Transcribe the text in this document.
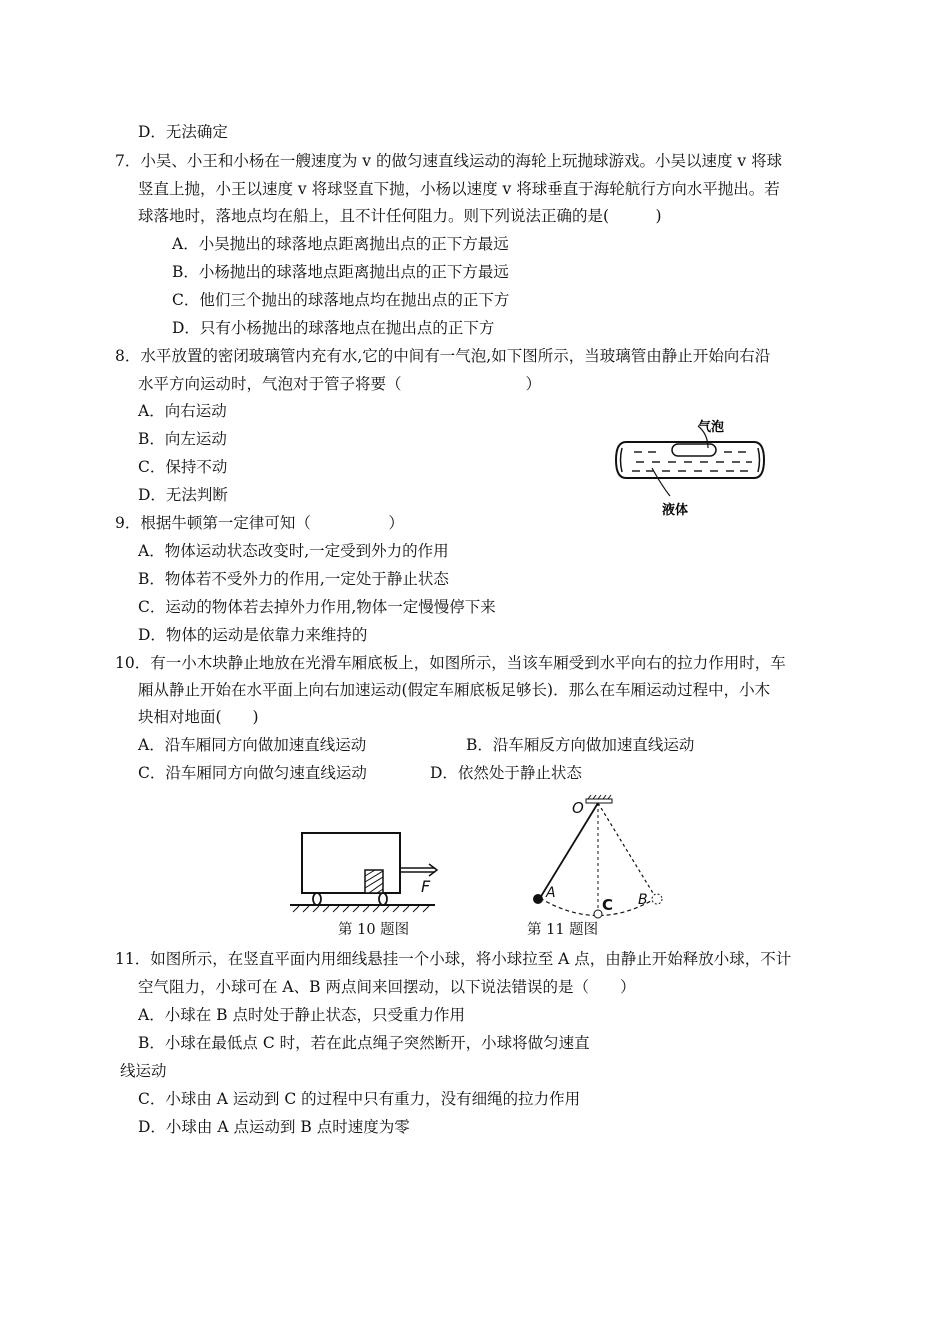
D．无法确定
7．小吴、小王和小杨在一艘速度为 v 的做匀速直线运动的海轮上玩抛球游戏。小吴以速度 v 将球
竖直上抛，小王以速度 v 将球竖直下抛，小杨以速度 v 将球垂直于海轮航行方向水平抛出。若
球落地时，落地点均在船上，且不计任何阻力。则下列说法正确的是(　　　)
A．小吴抛出的球落地点距离抛出点的正下方最远
B．小杨抛出的球落地点距离抛出点的正下方最远
C．他们三个抛出的球落地点均在抛出点的正下方
D．只有小杨抛出的球落地点在抛出点的正下方
8．水平放置的密闭玻璃管内充有水,它的中间有一气泡,如下图所示，当玻璃管由静止开始向右沿
水平方向运动时，气泡对于管子将要（　　　　　　　　）
A．向右运动
B．向左运动
C．保持不动
D．无法判断
气泡
液体
9．根据牛顿第一定律可知（　　　　　）
A．物体运动状态改变时,一定受到外力的作用
B．物体若不受外力的作用,一定处于静止状态
C．运动的物体若去掉外力作用,物体一定慢慢停下来
D．物体的运动是依靠力来维持的
10．有一小木块静止地放在光滑车厢底板上，如图所示，当该车厢受到水平向右的拉力作用时，车
厢从静止开始在水平面上向右加速运动(假定车厢底板足够长)．那么在车厢运动过程中，小木
块相对地面(　　)
A．沿车厢同方向做加速直线运动	B．沿车厢反方向做加速直线运动
C．沿车厢同方向做匀速直线运动	D．依然处于静止状态
F
第 10 题图
O
A
C B
第 11 题图
11．如图所示，在竖直平面内用细线悬挂一个小球，将小球拉至 A 点，由静止开始释放小球，不计
空气阻力，小球可在 A、B 两点间来回摆动，以下说法错误的是（　　）
A．小球在 B 点时处于静止状态，只受重力作用
B．小球在最低点 C 时，若在此点绳子突然断开，小球将做匀速直
线运动
C．小球由 A 运动到 C 的过程中只有重力，没有细绳的拉力作用
D．小球由 A 点运动到 B 点时速度为零
